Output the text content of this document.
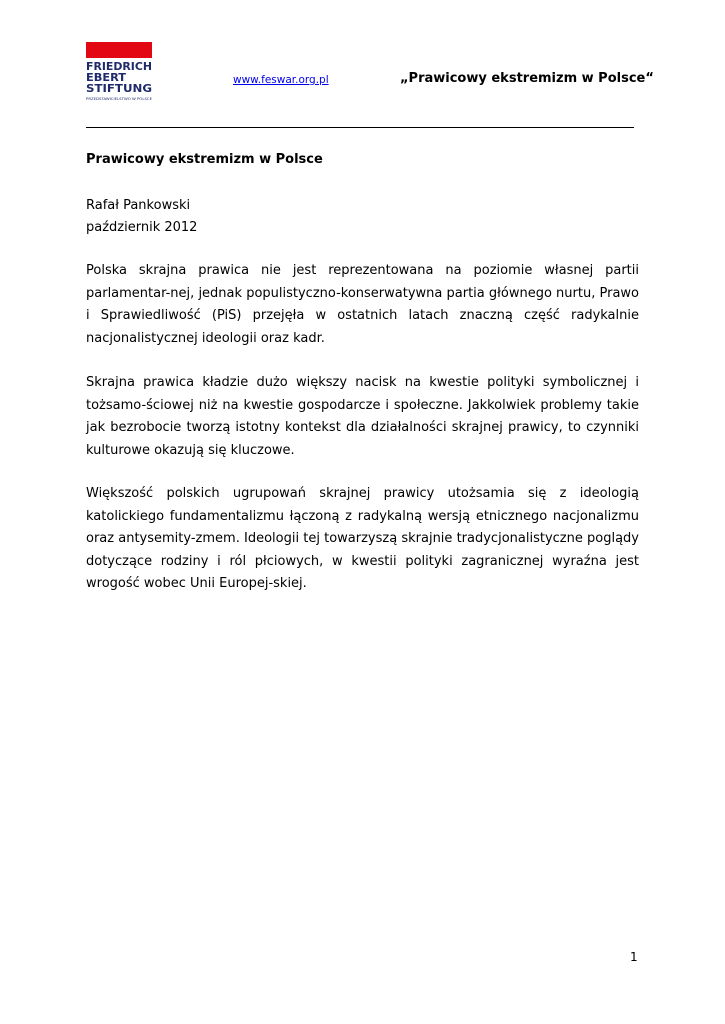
FRIEDRICH
EBERT
STIFTUNG
PRZEDSTAWICIELSTWO W POLSCE
www.feswar.org.pl	„Prawicowy ekstremizm w Polsce“
Prawicowy ekstremizm w Polsce
Rafał Pankowski
październik 2012
Polska skrajna prawica nie jest reprezentowana na poziomie własnej partii parlamentar-nej, jednak populistyczno-konserwatywna partia głównego nurtu, Prawo i Sprawiedliwość (PiS) przejęła w ostatnich latach znaczną część radykalnie nacjonalistycznej ideologii oraz kadr.
Skrajna prawica kładzie dużo większy nacisk na kwestie polityki symbolicznej i tożsamo-ściowej niż na kwestie gospodarcze i społeczne. Jakkolwiek problemy takie jak bezrobocie tworzą istotny kontekst dla działalności skrajnej prawicy, to czynniki kulturowe okazują się kluczowe.
Większość polskich ugrupowań skrajnej prawicy utożsamia się z ideologią katolickiego fundamentalizmu łączoną z radykalną wersją etnicznego nacjonalizmu oraz antysemity-zmem. Ideologii tej towarzyszą skrajnie tradycjonalistyczne poglądy dotyczące rodziny i ról płciowych, w kwestii polityki zagranicznej wyraźna jest wrogość wobec Unii Europej-skiej.
1
